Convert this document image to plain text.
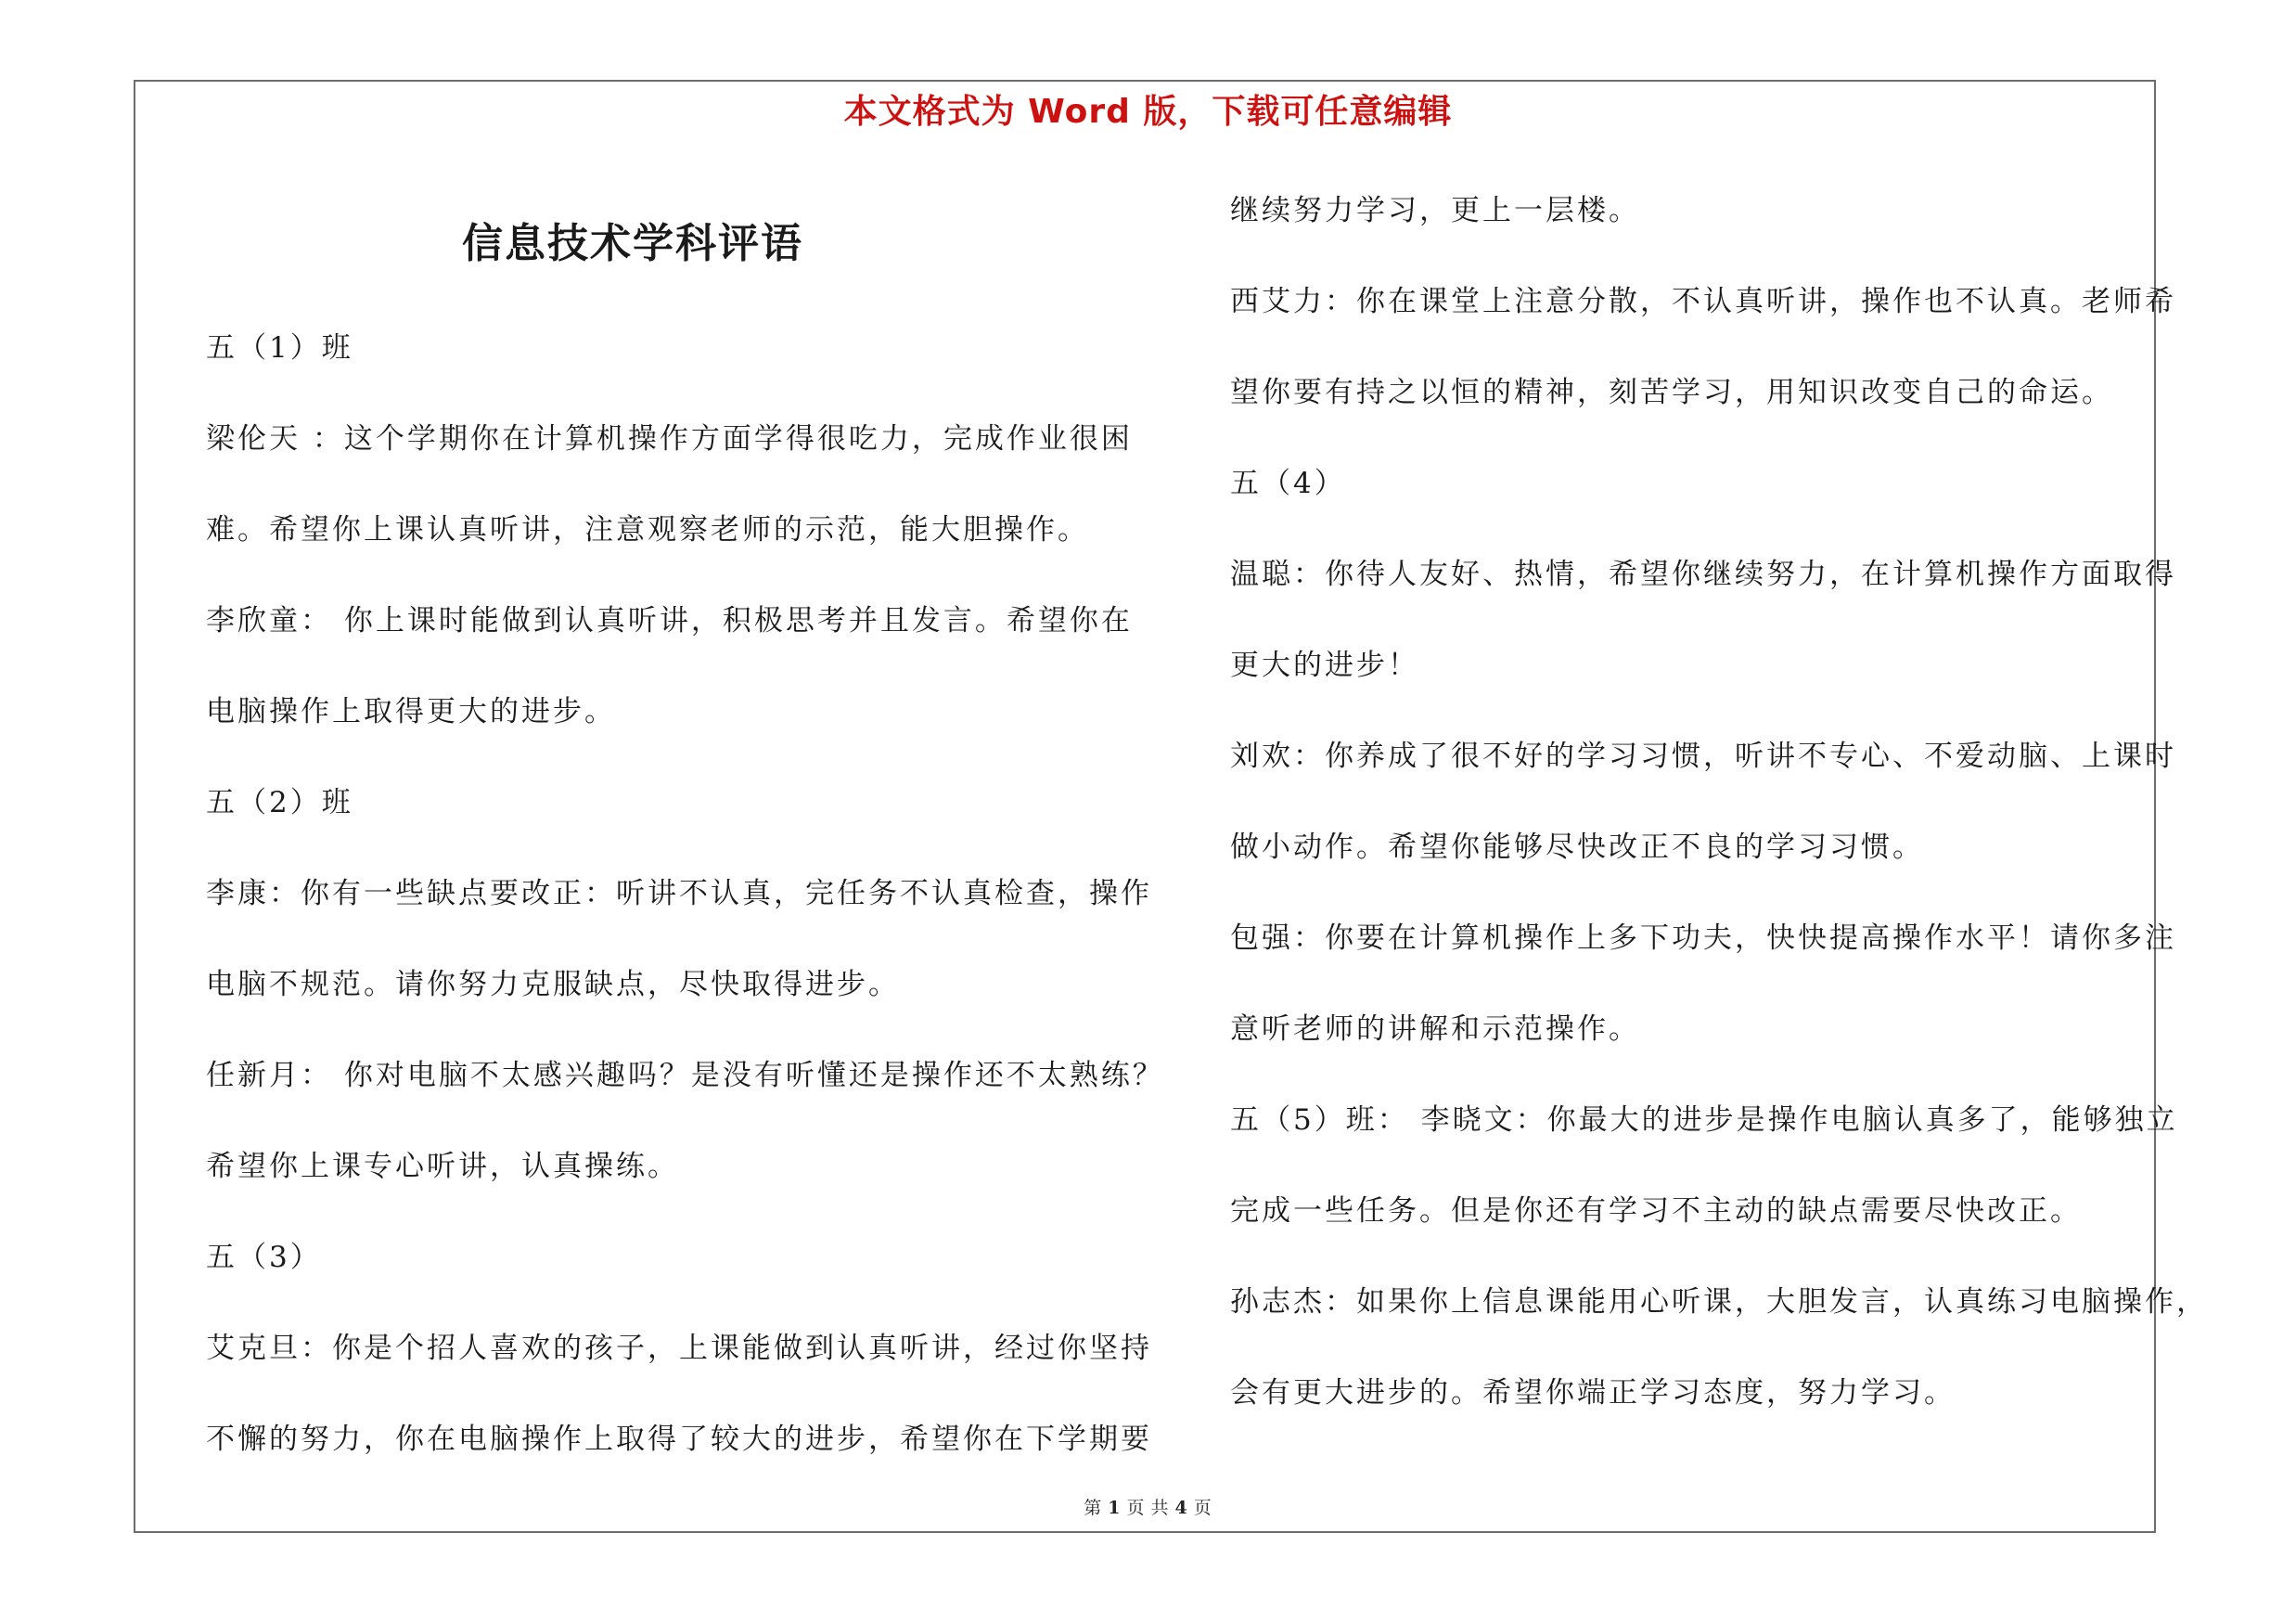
本文格式为 Word 版，下载可任意编辑
信息技术学科评语
五（1）班
梁伦天 ：这个学期你在计算机操作方面学得很吃力，完成作业很困
难。希望你上课认真听讲，注意观察老师的示范，能大胆操作。
李欣童： 你上课时能做到认真听讲，积极思考并且发言。希望你在
电脑操作上取得更大的进步。
五（2）班
李康：你有一些缺点要改正：听讲不认真，完任务不认真检查，操作
电脑不规范。请你努力克服缺点，尽快取得进步。
任新月： 你对电脑不太感兴趣吗？是没有听懂还是操作还不太熟练？
希望你上课专心听讲，认真操练。
五（3）
艾克旦：你是个招人喜欢的孩子，上课能做到认真听讲，经过你坚持
不懈的努力，你在电脑操作上取得了较大的进步，希望你在下学期要
继续努力学习，更上一层楼。
西艾力：你在课堂上注意分散，不认真听讲，操作也不认真。老师希
望你要有持之以恒的精神，刻苦学习，用知识改变自己的命运。
五（4）
温聪：你待人友好、热情，希望你继续努力，在计算机操作方面取得
更大的进步！
刘欢：你养成了很不好的学习习惯，听讲不专心、不爱动脑、上课时
做小动作。希望你能够尽快改正不良的学习习惯。
包强：你要在计算机操作上多下功夫，快快提高操作水平！请你多注
意听老师的讲解和示范操作。
五（5）班： 李晓文：你最大的进步是操作电脑认真多了，能够独立
完成一些任务。但是你还有学习不主动的缺点需要尽快改正。
孙志杰：如果你上信息课能用心听课，大胆发言，认真练习电脑操作，
会有更大进步的。希望你端正学习态度，努力学习。
第 1 页 共 4 页
